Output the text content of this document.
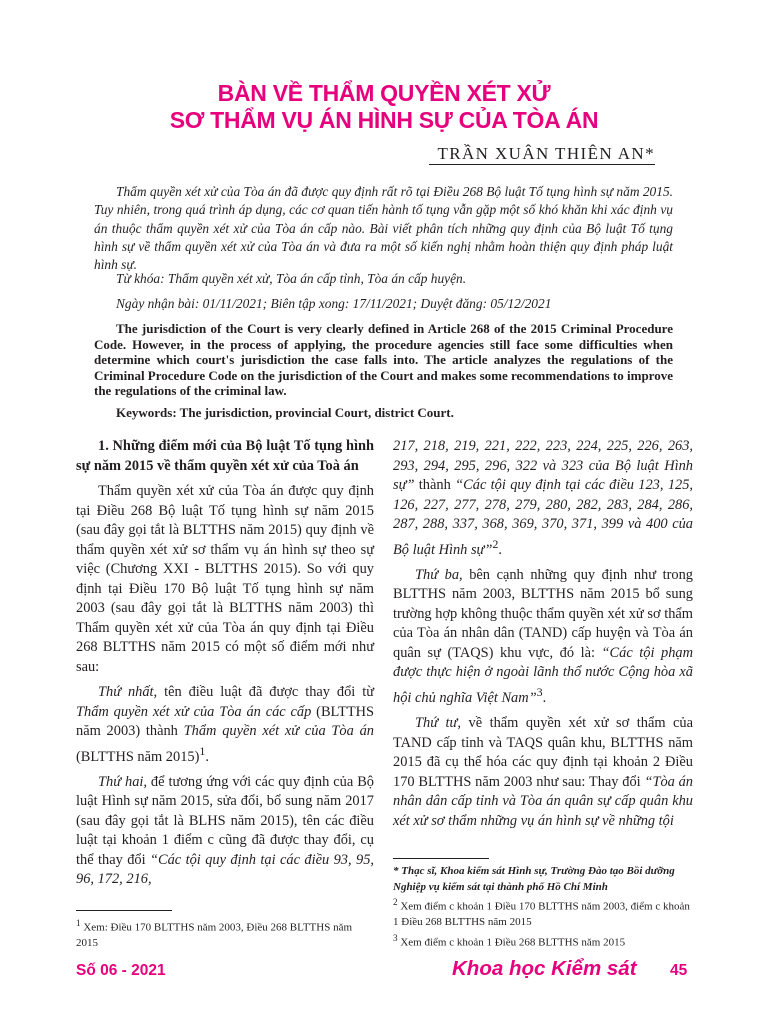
BÀN VỀ THẨM QUYỀN XÉT XỬ
SƠ THẨM VỤ ÁN HÌNH SỰ CỦA TÒA ÁN
TRẦN XUÂN THIÊN AN*
Thẩm quyền xét xử của Tòa án đã được quy định rất rõ tại Điều 268 Bộ luật Tố tụng hình sự năm 2015. Tuy nhiên, trong quá trình áp dụng, các cơ quan tiến hành tố tụng vẫn gặp một số khó khăn khi xác định vụ án thuộc thẩm quyền xét xử của Tòa án cấp nào. Bài viết phân tích những quy định của Bộ luật Tố tụng hình sự về thẩm quyền xét xử của Tòa án và đưa ra một số kiến nghị nhằm hoàn thiện quy định pháp luật hình sự.
Từ khóa: Thẩm quyền xét xử, Tòa án cấp tỉnh, Tòa án cấp huyện.
Ngày nhận bài: 01/11/2021; Biên tập xong: 17/11/2021; Duyệt đăng: 05/12/2021
The jurisdiction of the Court is very clearly defined in Article 268 of the 2015 Criminal Procedure Code. However, in the process of applying, the procedure agencies still face some difficulties when determine which court's jurisdiction the case falls into. The article analyzes the regulations of the Criminal Procedure Code on the jurisdiction of the Court and makes some recommendations to improve the regulations of the criminal law.
Keywords: The jurisdiction, provincial Court, district Court.

1. Những điểm mới của Bộ luật Tố tụng hình sự năm 2015 về thẩm quyền xét xử của Toà án

Thẩm quyền xét xử của Tòa án được quy định tại Điều 268 Bộ luật Tố tụng hình sự năm 2015 (sau đây gọi tắt là BLTTHS năm 2015) quy định về thẩm quyền xét xử sơ thẩm vụ án hình sự theo sự việc (Chương XXI - BLTTHS 2015). So với quy định tại Điều 170 Bộ luật Tố tụng hình sự năm 2003 (sau đây gọi tắt là BLTTHS năm 2003) thì Thẩm quyền xét xử của Tòa án quy định tại Điều 268 BLTTHS năm 2015 có một số điểm mới như sau:

Thứ nhất, tên điều luật đã được thay đổi từ Thẩm quyền xét xử của Tòa án các cấp (BLTTHS năm 2003) thành Thẩm quyền xét xử của Tòa án (BLTTHS năm 2015)$^1$.

Thứ hai, để tương ứng với các quy định của Bộ luật Hình sự năm 2015, sửa đổi, bổ sung năm 2017 (sau đây gọi tắt là BLHS năm 2015), tên các điều luật tại khoản 1 điểm c cũng đã được thay đổi, cụ thể thay đổi “Các tội quy định tại các điều 93, 95, 96, 172, 216,

217, 218, 219, 221, 222, 223, 224, 225, 226, 263, 293, 294, 295, 296, 322 và 323 của Bộ luật Hình sự” thành “Các tội quy định tại các điều 123, 125, 126, 227, 277, 278, 279, 280, 282, 283, 284, 286, 287, 288, 337, 368, 369, 370, 371, 399 và 400 của Bộ luật Hình sự”$^2$.

Thứ ba, bên cạnh những quy định như trong BLTTHS năm 2003, BLTTHS năm 2015 bổ sung trường hợp không thuộc thẩm quyền xét xử sơ thẩm của Tòa án nhân dân (TAND) cấp huyện và Tòa án quân sự (TAQS) khu vực, đó là: “Các tội phạm được thực hiện ở ngoài lãnh thổ nước Cộng hòa xã hội chủ nghĩa Việt Nam”$^3$.

Thứ tư, về thẩm quyền xét xử sơ thẩm của TAND cấp tỉnh và TAQS quân khu, BLTTHS năm 2015 đã cụ thể hóa các quy định tại khoản 2 Điều 170 BLTTHS năm 2003 như sau: Thay đổi “Tòa án nhân dân cấp tỉnh và Tòa án quân sự cấp quân khu xét xử sơ thẩm những vụ án hình sự về những tội

$^1$ Xem: Điều 170 BLTTHS năm 2003, Điều 268 BLTTHS năm 2015
* Thạc sĩ, Khoa kiểm sát Hình sự, Trường Đào tạo Bồi dưỡng Nghiệp vụ kiểm sát tại thành phố Hồ Chí Minh
$^2$ Xem điểm c khoản 1 Điều 170 BLTTHS năm 2003, điểm c khoản 1 Điều 268 BLTTHS năm 2015
$^3$ Xem điểm c khoản 1 Điều 268 BLTTHS năm 2015
Số 06 - 2021	Khoa học Kiểm sát 45
